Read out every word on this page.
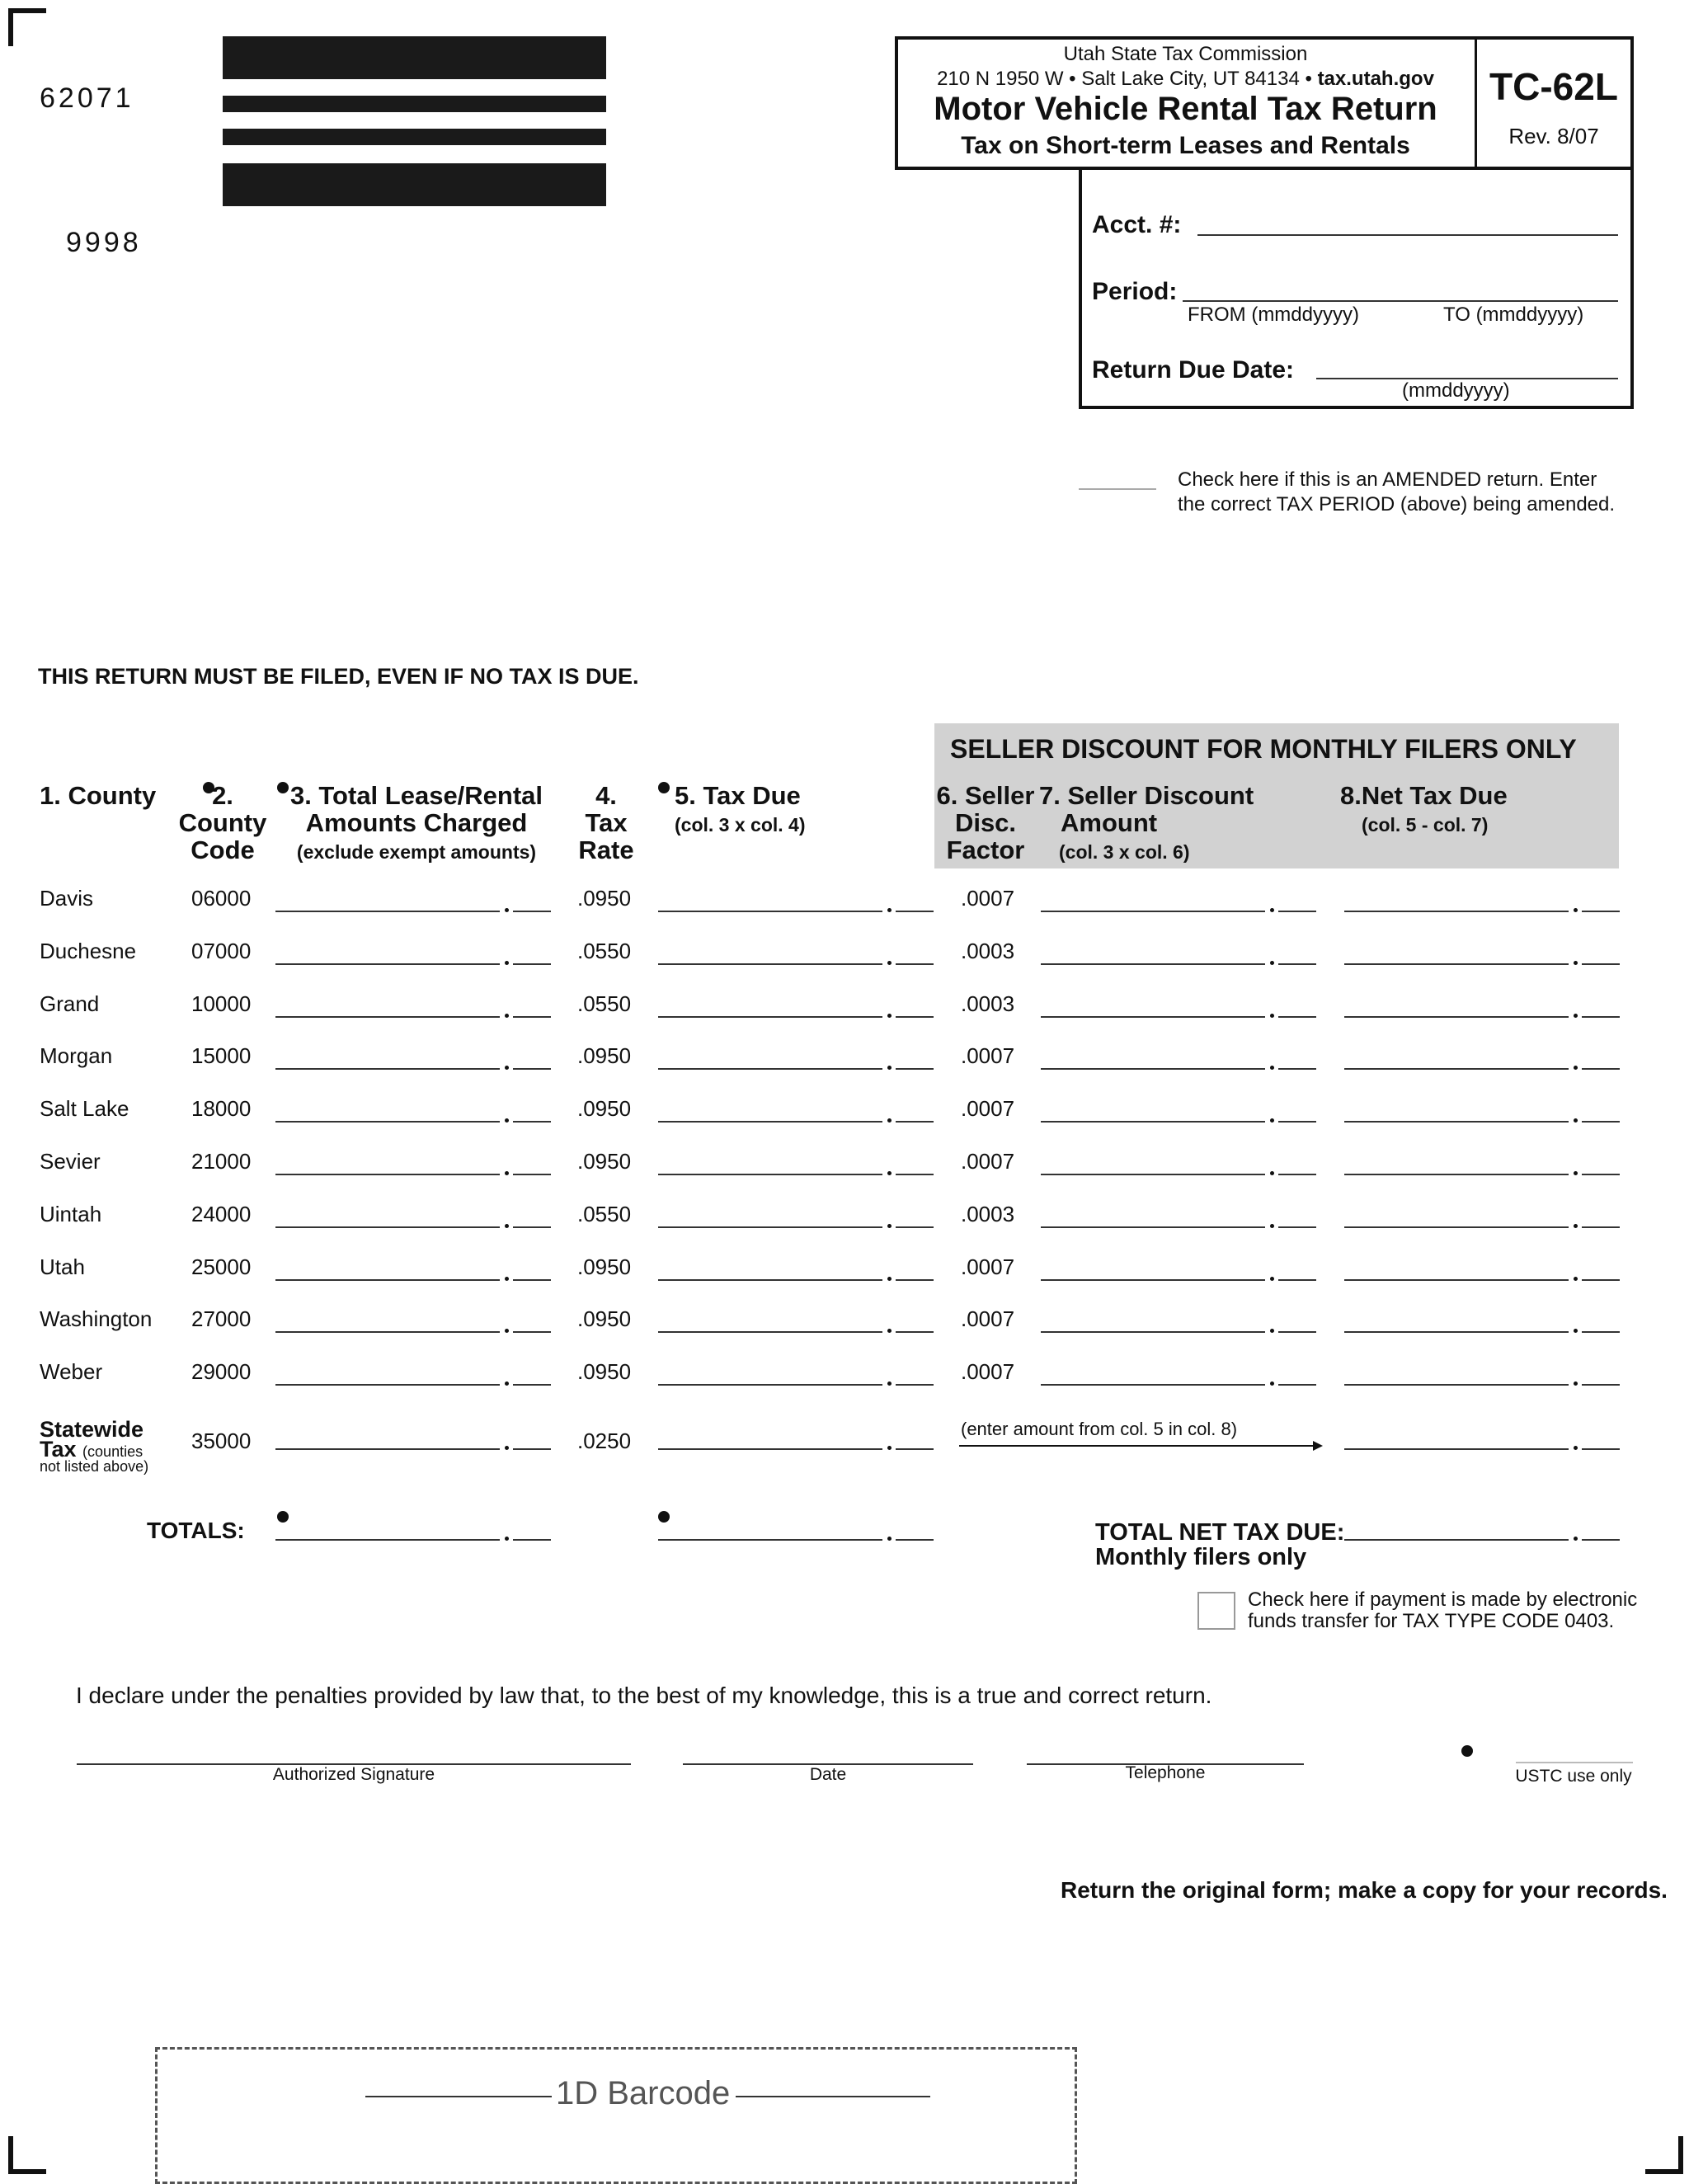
62071
9998
Utah State Tax Commission
210 N 1950 W • Salt Lake City, UT 84134 • tax.utah.gov
Motor Vehicle Rental Tax Return
Tax on Short-term Leases and Rentals
TC-62L
Rev. 8/07
Acct. #:
Period:
FROM (mmddyyyy)	TO (mmddyyyy)
Return Due Date:
(mmddyyyy)
Check here if this is an AMENDED return. Enter
the correct TAX PERIOD (above) being amended.
THIS RETURN MUST BE FILED, EVEN IF NO TAX IS DUE.
SELLER DISCOUNT FOR MONTHLY FILERS ONLY
1. County	2.
County
Code
3. Total Lease/Rental
Amounts Charged
(exclude exempt amounts)
4.
Tax
Rate
5. Tax Due
(col. 3 x col. 4)
6. Seller
Disc.
Factor
7. Seller Discount
Amount
(col. 3 x col. 6)
8.Net Tax Due
(col. 5 - col. 7)
Davis	06000	.0950	.0007
Duchesne	07000	.0550	.0003
Grand	10000	.0550	.0003
Morgan	15000	.0950	.0007
Salt Lake	18000	.0950	.0007
Sevier	21000	.0950	.0007
Uintah	24000	.0550	.0003
Utah	25000	.0950	.0007
Washington 27000	.0950	.0007
Weber	29000	.0950	.0007
Statewide
Tax (counties
not listed above)
35000	.0250	(enter amount from col. 5 in col. 8)
TOTALS:	TOTAL NET TAX DUE:
Monthly filers only
Check here if payment is made by electronic
funds transfer for TAX TYPE CODE 0403.
I declare under the penalties provided by law that, to the best of my knowledge, this is a true and correct return.
Authorized Signature	Date	Telephone	USTC use only
Return the original form; make a copy for your records.
1D Barcode
